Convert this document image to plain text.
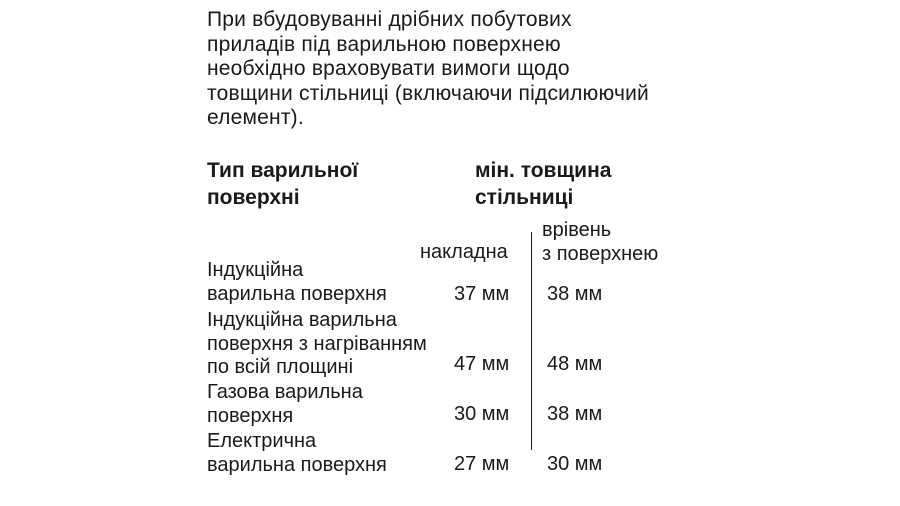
При вбудовуванні дрібних побутових
приладів під варильною поверхнею
необхідно враховувати вимоги щодо
товщини стільниці (включаючи підсилюючий
елемент).
Тип варильної
поверхні
мін. товщина
стільниці
врівень
з поверхнею
накладна
Індукційна
варильна поверхня	37 мм 38 мм
Індукційна варильна
поверхня з нагріванням
по всій площині	47 мм 48 мм
Газова варильна
поверхня	30 мм 38 мм
Електрична
варильна поверхня	27 мм 30 мм
